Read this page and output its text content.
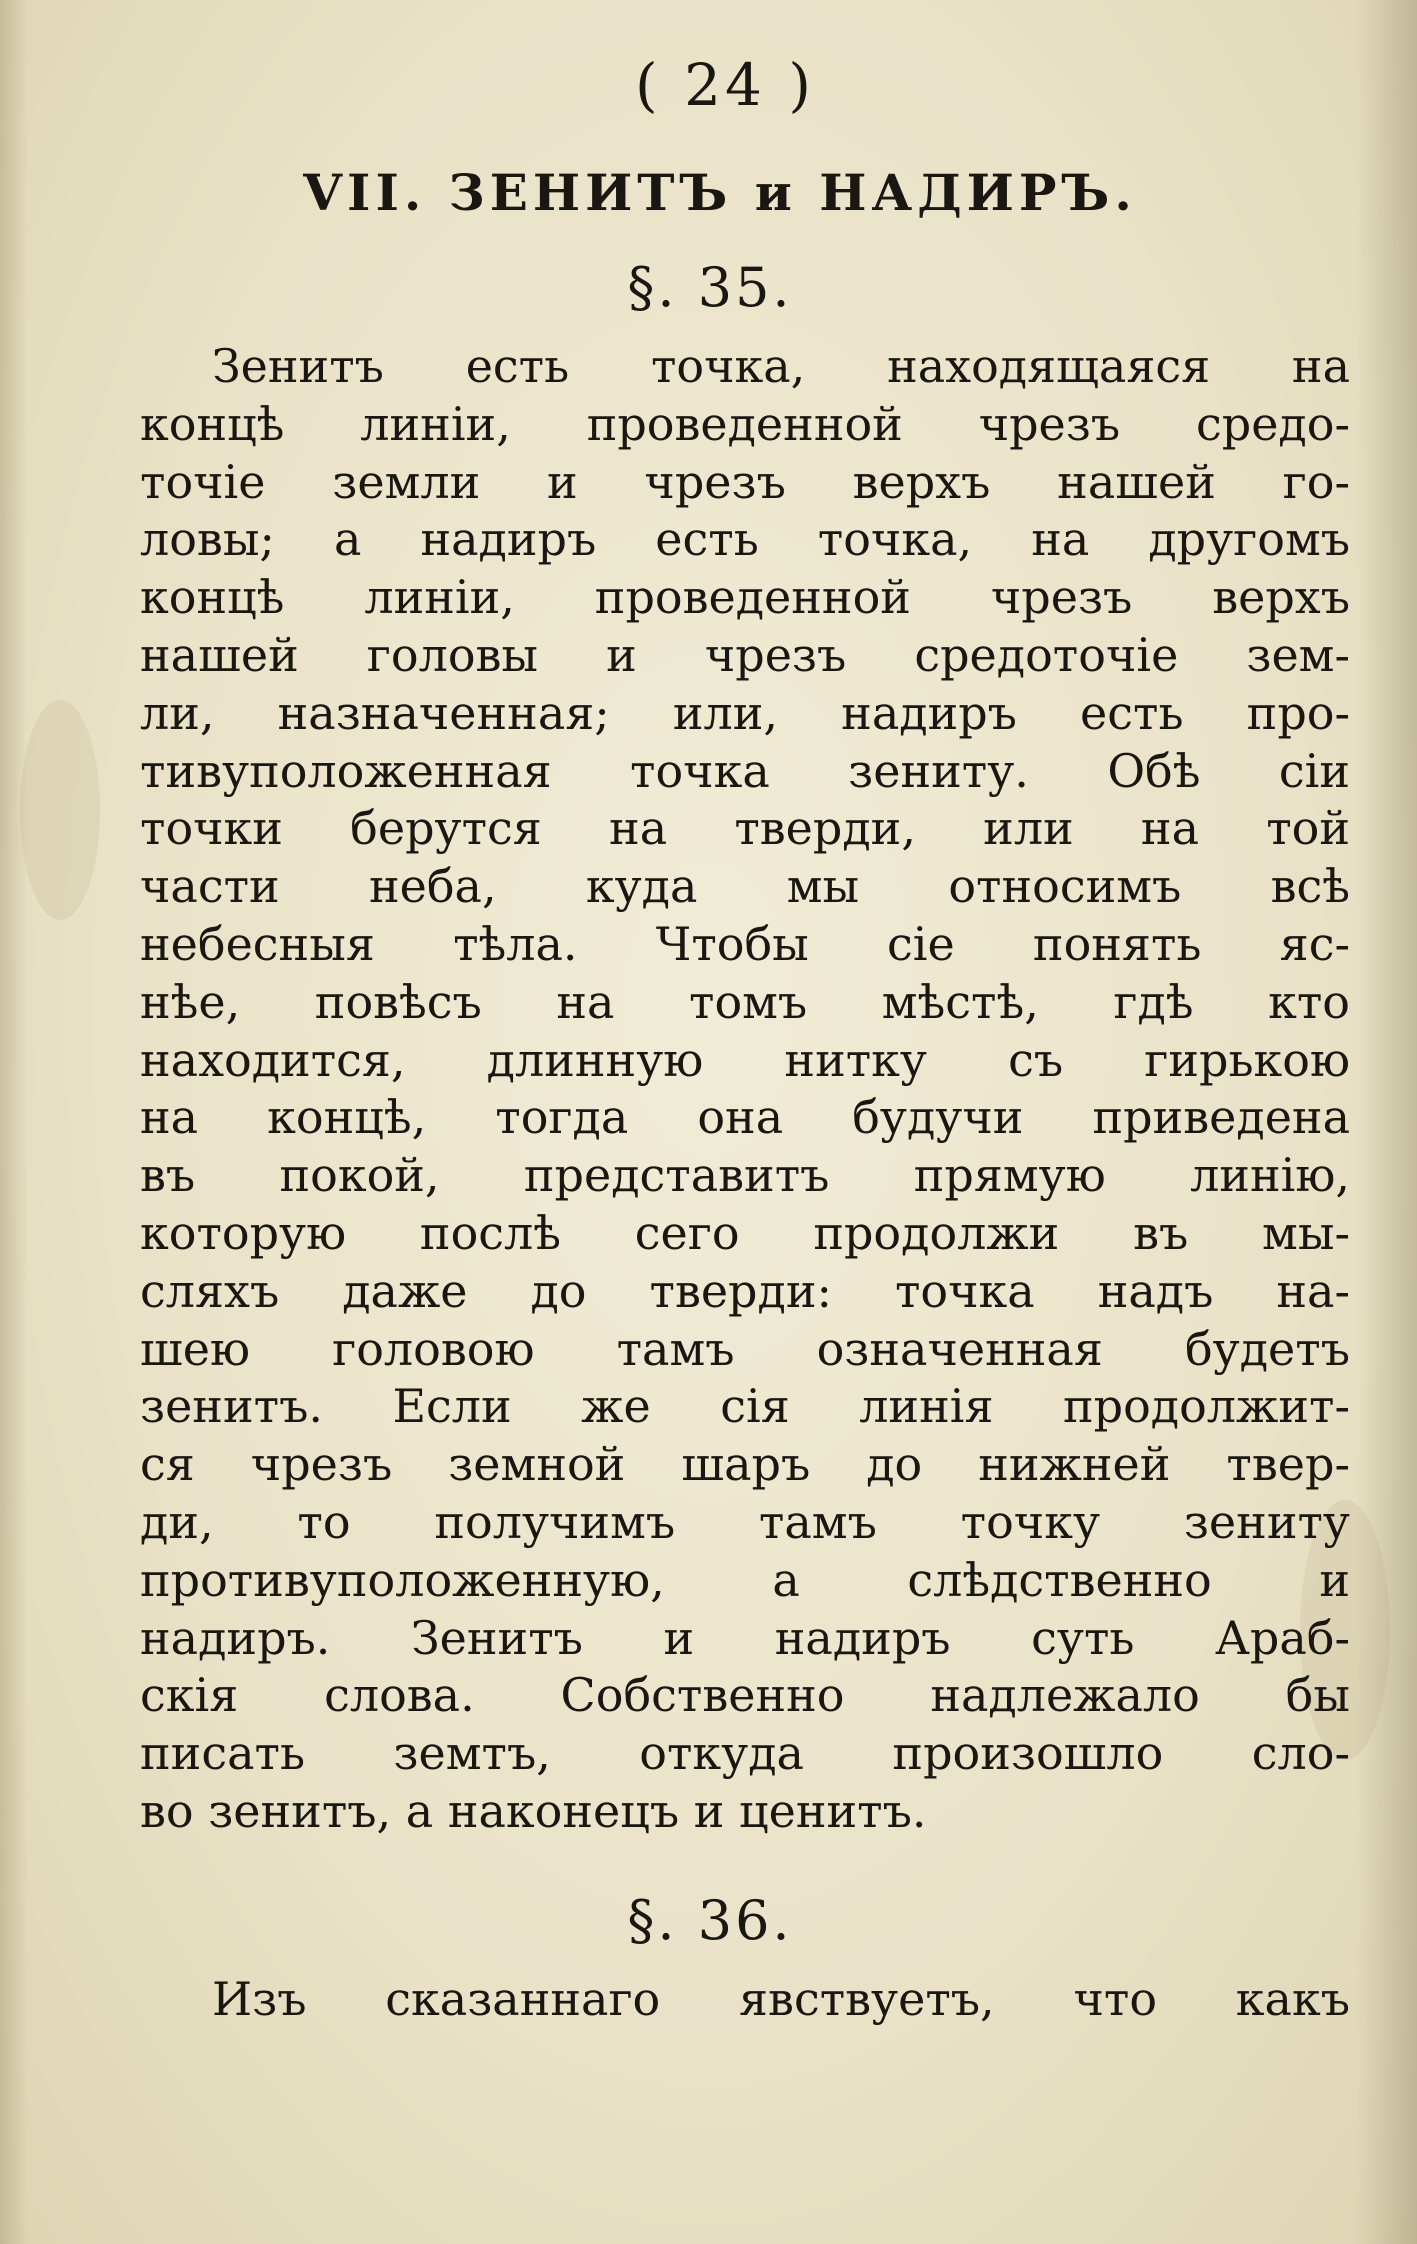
( 24 )
VII. ЗЕНИТЪ и НАДИРЪ.
§. 35.
Зенитъ есть точка, находящаяся на
концѣ линіи, проведенной чрезъ средо-
точіе земли и чрезъ верхъ нашей го-
ловы; а надиръ есть точка, на другомъ
концѣ линіи, проведенной чрезъ верхъ
нашей головы и чрезъ средоточіе зем-
ли, назначенная; или, надиръ есть про-
тивуположенная точка зениту. Обѣ сіи
точки берутся на тверди, или на той
части неба, куда мы относимъ всѣ
небесныя тѣла. Чтобы сіе понять яс-
нѣе, повѣсъ на томъ мѣстѣ, гдѣ кто
находится, длинную нитку съ гирькою
на концѣ, тогда она будучи приведена
въ покой, представитъ прямую линію,
которую послѣ сего продолжи въ мы-
сляхъ даже до тверди: точка надъ на-
шею головою тамъ означенная будетъ
зенитъ. Если же сія линія продолжит-
ся чрезъ земной шаръ до нижней твер-
ди, то получимъ тамъ точку зениту
противуположенную, а слѣдственно и
надиръ. Зенитъ и надиръ суть Араб-
скія слова. Собственно надлежало бы
писать земтъ, откуда произошло сло-
во зенитъ, а наконецъ и ценитъ.
§. 36.
Изъ сказаннаго явствуетъ, что какъ
